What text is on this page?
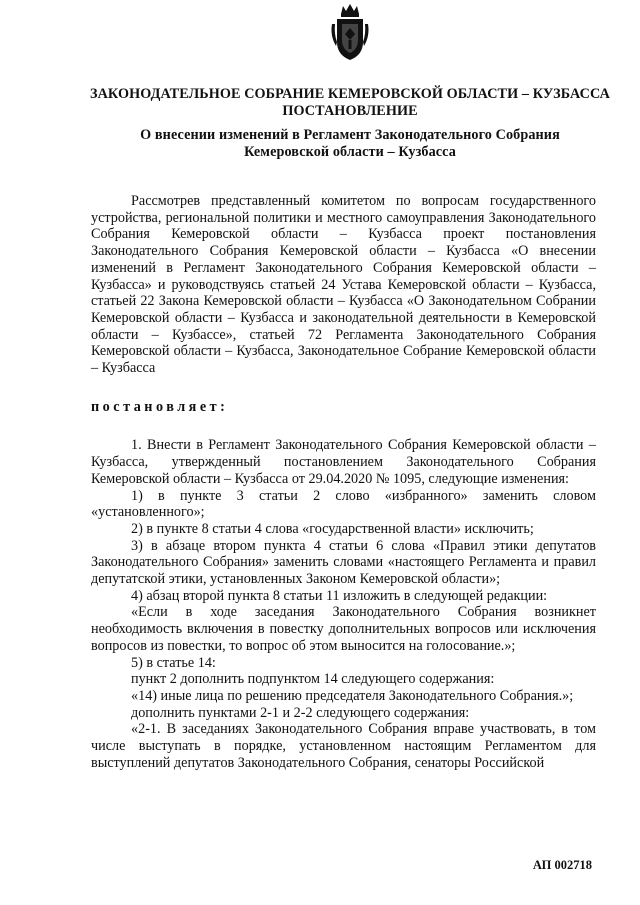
ЗАКОНОДАТЕЛЬНОЕ СОБРАНИЕ КЕМЕРОВСКОЙ ОБЛАСТИ – КУЗБАССА
ПОСТАНОВЛЕНИЕ
О внесении изменений в Регламент Законодательного Собрания
Кемеровской области – Кузбасса

Рассмотрев представленный комитетом по вопросам государственного устройства, региональной политики и местного самоуправления Законодательного Собрания Кемеровской области – Кузбасса проект постановления Законодательного Собрания Кемеровской области – Кузбасса «О внесении изменений в Регламент Законодательного Собрания Кемеровской области – Кузбасса» и руководствуясь статьей 24 Устава Кемеровской области – Кузбасса, статьей 22 Закона Кемеровской области – Кузбасса «О Законодательном Собрании Кемеровской области – Кузбасса и законодательной деятельности в Кемеровской области – Кузбассе», статьей 72 Регламента Законодательного Собрания Кемеровской области – Кузбасса, Законодательное Собрание Кемеровской области – Кузбасса

постановляет:

1. Внести в Регламент Законодательного Собрания Кемеровской области – Кузбасса, утвержденный постановлением Законодательного Собрания Кемеровской области – Кузбасса от 29.04.2020 № 1095, следующие изменения:

1) в пункте 3 статьи 2 слово «избранного» заменить словом «установленного»;

2) в пункте 8 статьи 4 слова «государственной власти» исключить;

3) в абзаце втором пункта 4 статьи 6 слова «Правил этики депутатов Законодательного Собрания» заменить словами «настоящего Регламента и правил депутатской этики, установленных Законом Кемеровской области»;

4) абзац второй пункта 8 статьи 11 изложить в следующей редакции:

«Если в ходе заседания Законодательного Собрания возникнет необходимость включения в повестку дополнительных вопросов или исключения вопросов из повестки, то вопрос об этом выносится на голосование.»;

5) в статье 14:

пункт 2 дополнить подпунктом 14 следующего содержания:

«14) иные лица по решению председателя Законодательного Собрания.»;

дополнить пунктами 2-1 и 2-2 следующего содержания:

«2-1. В заседаниях Законодательного Собрания вправе участвовать, в том числе выступать в порядке, установленном настоящим Регламентом для выступлений депутатов Законодательного Собрания, сенаторы Российской

АП 002718
